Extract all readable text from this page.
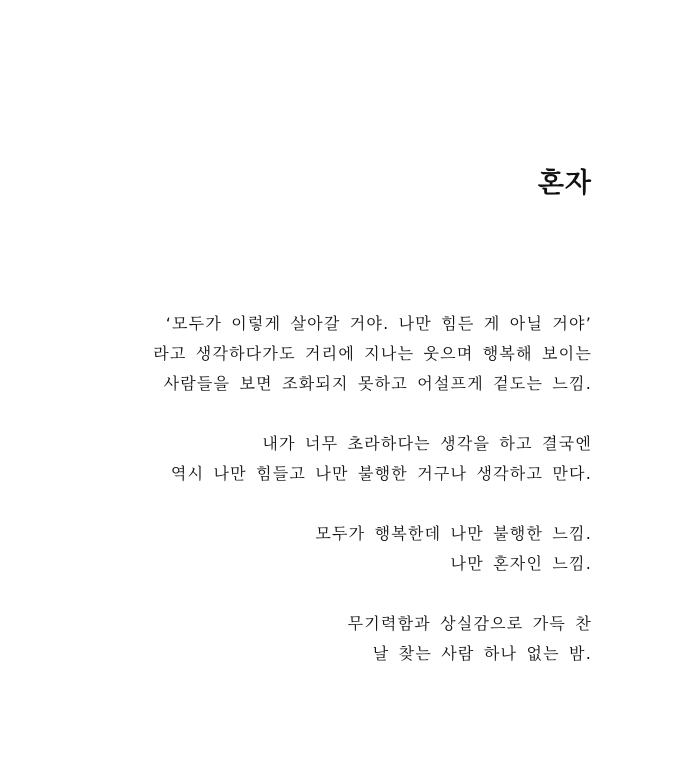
혼자
‘모두가 이렇게 살아갈 거야. 나만 힘든 게 아닐 거야’
라고 생각하다가도 거리에 지나는 웃으며 행복해 보이는
사람들을 보면 조화되지 못하고 어설프게 겉도는 느낌.
내가 너무 초라하다는 생각을 하고 결국엔
역시 나만 힘들고 나만 불행한 거구나 생각하고 만다.
모두가 행복한데 나만 불행한 느낌.
나만 혼자인 느낌.
무기력함과 상실감으로 가득 찬
날 찾는 사람 하나 없는 밤.
